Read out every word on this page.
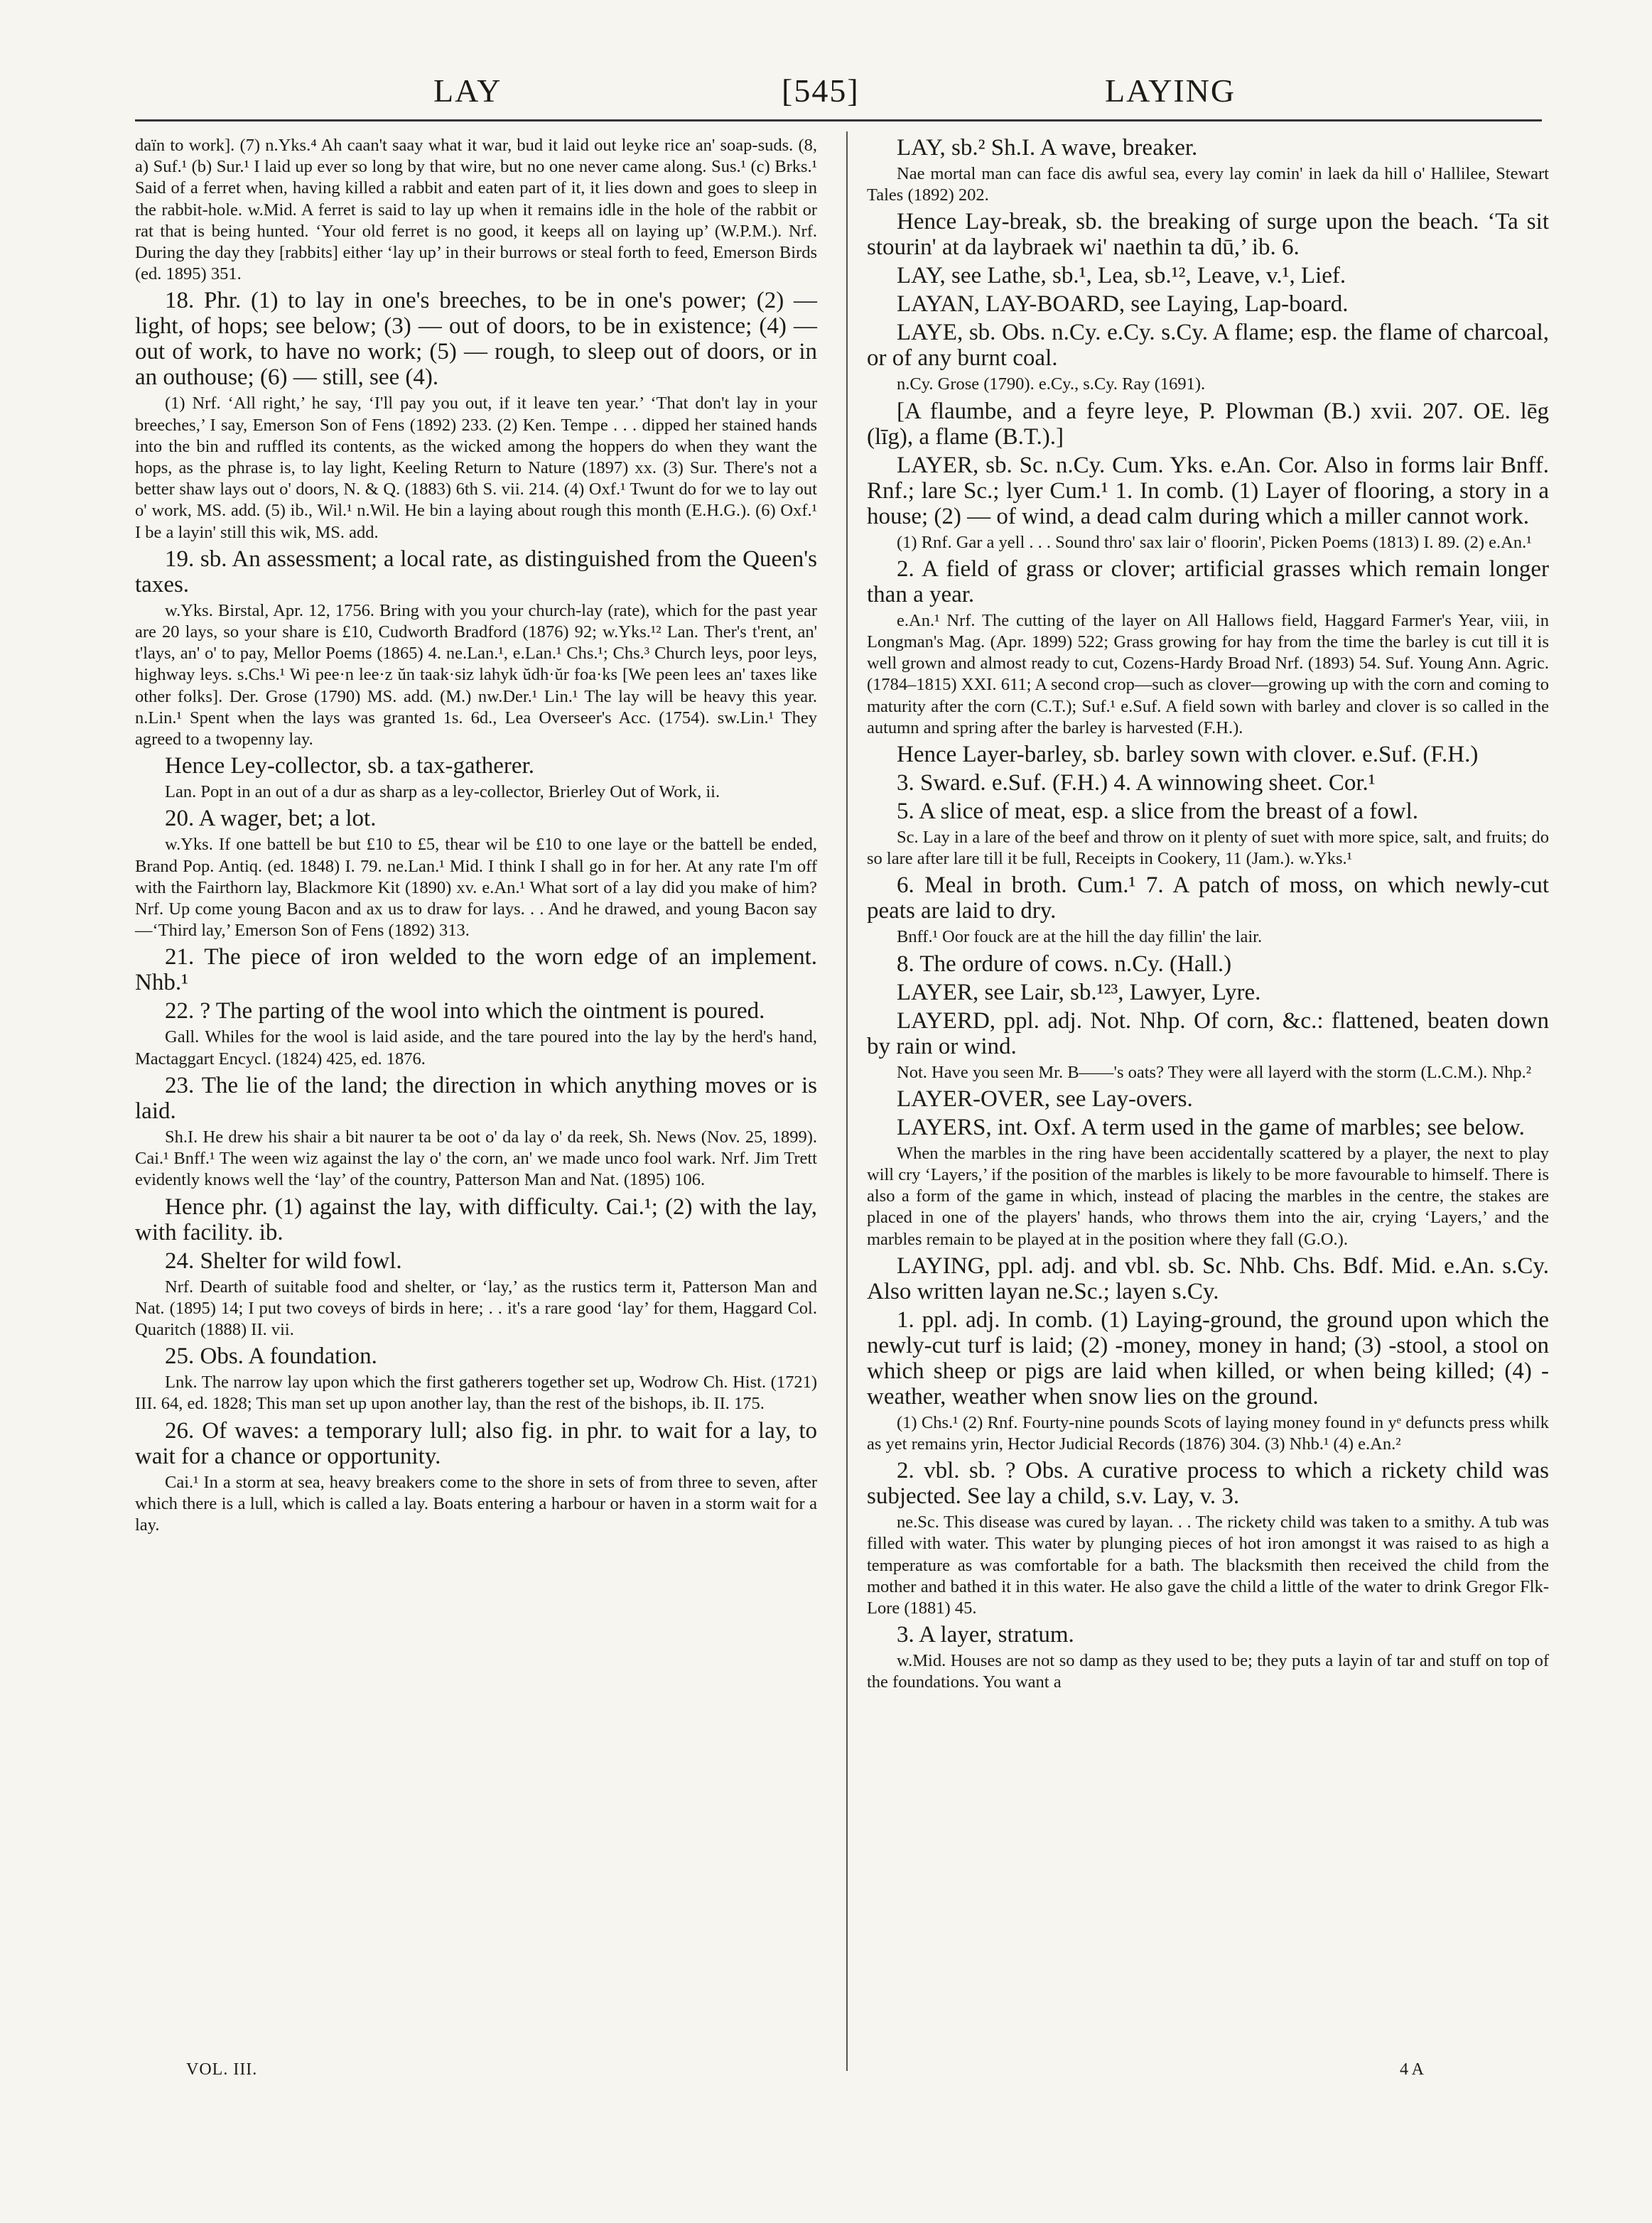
LAY	[545]	LAYING

daïn to work]. (7) n.Yks.⁴ Ah caan't saay what it war, bud it laid out leyke rice an' soap-suds. (8, a) Suf.¹ (b) Sur.¹ I laid up ever so long by that wire, but no one never came along. Sus.¹ (c) Brks.¹ Said of a ferret when, having killed a rabbit and eaten part of it, it lies down and goes to sleep in the rabbit-hole. w.Mid. A ferret is said to lay up when it remains idle in the hole of the rabbit or rat that is being hunted. ‘Your old ferret is no good, it keeps all on laying up’ (W.P.M.). Nrf. During the day they [rabbits] either ‘lay up’ in their burrows or steal forth to feed, Emerson Birds (ed. 1895) 351.

18. Phr. (1) to lay in one's breeches, to be in one's power; (2) — light, of hops; see below; (3) — out of doors, to be in existence; (4) — out of work, to have no work; (5) — rough, to sleep out of doors, or in an outhouse; (6) — still, see (4).

(1) Nrf. ‘All right,’ he say, ‘I'll pay you out, if it leave ten year.’ ‘That don't lay in your breeches,’ I say, Emerson Son of Fens (1892) 233. (2) Ken. Tempe . . . dipped her stained hands into the bin and ruffled its contents, as the wicked among the hoppers do when they want the hops, as the phrase is, to lay light, Keeling Return to Nature (1897) xx. (3) Sur. There's not a better shaw lays out o' doors, N. & Q. (1883) 6th S. vii. 214. (4) Oxf.¹ Twunt do for we to lay out o' work, MS. add. (5) ib., Wil.¹ n.Wil. He bin a laying about rough this month (E.H.G.). (6) Oxf.¹ I be a layin' still this wik, MS. add.

19. sb. An assessment; a local rate, as distinguished from the Queen's taxes.

w.Yks. Birstal, Apr. 12, 1756. Bring with you your church-lay (rate), which for the past year are 20 lays, so your share is £10, Cudworth Bradford (1876) 92; w.Yks.¹² Lan. Ther's t'rent, an' t'lays, an' o' to pay, Mellor Poems (1865) 4. ne.Lan.¹, e.Lan.¹ Chs.¹; Chs.³ Church leys, poor leys, highway leys. s.Chs.¹ Wi pee·n lee·z ŭn taak·siz lahyk ŭdh·ŭr foa·ks [We peen lees an' taxes like other folks]. Der. Grose (1790) MS. add. (M.) nw.Der.¹ Lin.¹ The lay will be heavy this year. n.Lin.¹ Spent when the lays was granted 1s. 6d., Lea Overseer's Acc. (1754). sw.Lin.¹ They agreed to a twopenny lay.

Hence Ley-collector, sb. a tax-gatherer.

Lan. Popt in an out of a dur as sharp as a ley-collector, Brierley Out of Work, ii.

20. A wager, bet; a lot.

w.Yks. If one battell be but £10 to £5, thear wil be £10 to one laye or the battell be ended, Brand Pop. Antiq. (ed. 1848) I. 79. ne.Lan.¹ Mid. I think I shall go in for her. At any rate I'm off with the Fairthorn lay, Blackmore Kit (1890) xv. e.An.¹ What sort of a lay did you make of him? Nrf. Up come young Bacon and ax us to draw for lays. . . And he drawed, and young Bacon say—‘Third lay,’ Emerson Son of Fens (1892) 313.

21. The piece of iron welded to the worn edge of an implement. Nhb.¹

22. ? The parting of the wool into which the ointment is poured.

Gall. Whiles for the wool is laid aside, and the tare poured into the lay by the herd's hand, Mactaggart Encycl. (1824) 425, ed. 1876.

23. The lie of the land; the direction in which anything moves or is laid.

Sh.I. He drew his shair a bit naurer ta be oot o' da lay o' da reek, Sh. News (Nov. 25, 1899). Cai.¹ Bnff.¹ The ween wiz against the lay o' the corn, an' we made unco fool wark. Nrf. Jim Trett evidently knows well the ‘lay’ of the country, Patterson Man and Nat. (1895) 106.

Hence phr. (1) against the lay, with difficulty. Cai.¹; (2) with the lay, with facility. ib.

24. Shelter for wild fowl.

Nrf. Dearth of suitable food and shelter, or ‘lay,’ as the rustics term it, Patterson Man and Nat. (1895) 14; I put two coveys of birds in here; . . it's a rare good ‘lay’ for them, Haggard Col. Quaritch (1888) II. vii.

25. Obs. A foundation.

Lnk. The narrow lay upon which the first gatherers together set up, Wodrow Ch. Hist. (1721) III. 64, ed. 1828; This man set up upon another lay, than the rest of the bishops, ib. II. 175.

26. Of waves: a temporary lull; also fig. in phr. to wait for a lay, to wait for a chance or opportunity.

Cai.¹ In a storm at sea, heavy breakers come to the shore in sets of from three to seven, after which there is a lull, which is called a lay. Boats entering a harbour or haven in a storm wait for a lay.

LAY, sb.² Sh.I. A wave, breaker.

Nae mortal man can face dis awful sea, every lay comin' in laek da hill o' Hallilee, Stewart Tales (1892) 202.

Hence Lay-break, sb. the breaking of surge upon the beach. ‘Ta sit stourin' at da laybraek wi' naethin ta dū,’ ib. 6.

LAY, see Lathe, sb.¹, Lea, sb.¹², Leave, v.¹, Lief.

LAYAN, LAY-BOARD, see Laying, Lap-board.

LAYE, sb. Obs. n.Cy. e.Cy. s.Cy. A flame; esp. the flame of charcoal, or of any burnt coal.

n.Cy. Grose (1790). e.Cy., s.Cy. Ray (1691).

[A flaumbe, and a feyre leye, P. Plowman (B.) xvii. 207. OE. lēg (līg), a flame (B.T.).]

LAYER, sb. Sc. n.Cy. Cum. Yks. e.An. Cor. Also in forms lair Bnff. Rnf.; lare Sc.; lyer Cum.¹ 1. In comb. (1) Layer of flooring, a story in a house; (2) — of wind, a dead calm during which a miller cannot work.

(1) Rnf. Gar a yell . . . Sound thro' sax lair o' floorin', Picken Poems (1813) I. 89. (2) e.An.¹

2. A field of grass or clover; artificial grasses which remain longer than a year.

e.An.¹ Nrf. The cutting of the layer on All Hallows field, Haggard Farmer's Year, viii, in Longman's Mag. (Apr. 1899) 522; Grass growing for hay from the time the barley is cut till it is well grown and almost ready to cut, Cozens-Hardy Broad Nrf. (1893) 54. Suf. Young Ann. Agric. (1784–1815) XXI. 611; A second crop—such as clover—growing up with the corn and coming to maturity after the corn (C.T.); Suf.¹ e.Suf. A field sown with barley and clover is so called in the autumn and spring after the barley is harvested (F.H.).

Hence Layer-barley, sb. barley sown with clover. e.Suf. (F.H.)

3. Sward. e.Suf. (F.H.) 4. A winnowing sheet. Cor.¹

5. A slice of meat, esp. a slice from the breast of a fowl.

Sc. Lay in a lare of the beef and throw on it plenty of suet with more spice, salt, and fruits; do so lare after lare till it be full, Receipts in Cookery, 11 (Jam.). w.Yks.¹

6. Meal in broth. Cum.¹ 7. A patch of moss, on which newly-cut peats are laid to dry.

Bnff.¹ Oor fouck are at the hill the day fillin' the lair.

8. The ordure of cows. n.Cy. (Hall.)

LAYER, see Lair, sb.¹²³, Lawyer, Lyre.

LAYERD, ppl. adj. Not. Nhp. Of corn, &c.: flattened, beaten down by rain or wind.

Not. Have you seen Mr. B——'s oats? They were all layerd with the storm (L.C.M.). Nhp.²

LAYER-OVER, see Lay-overs.

LAYERS, int. Oxf. A term used in the game of marbles; see below.

When the marbles in the ring have been accidentally scattered by a player, the next to play will cry ‘Layers,’ if the position of the marbles is likely to be more favourable to himself. There is also a form of the game in which, instead of placing the marbles in the centre, the stakes are placed in one of the players' hands, who throws them into the air, crying ‘Layers,’ and the marbles remain to be played at in the position where they fall (G.O.).

LAYING, ppl. adj. and vbl. sb. Sc. Nhb. Chs. Bdf. Mid. e.An. s.Cy. Also written layan ne.Sc.; layen s.Cy.

1. ppl. adj. In comb. (1) Laying-ground, the ground upon which the newly-cut turf is laid; (2) -money, money in hand; (3) -stool, a stool on which sheep or pigs are laid when killed, or when being killed; (4) -weather, weather when snow lies on the ground.

(1) Chs.¹ (2) Rnf. Fourty-nine pounds Scots of laying money found in yᵉ defuncts press whilk as yet remains yrin, Hector Judicial Records (1876) 304. (3) Nhb.¹ (4) e.An.²

2. vbl. sb. ? Obs. A curative process to which a rickety child was subjected. See lay a child, s.v. Lay, v. 3.

ne.Sc. This disease was cured by layan. . . The rickety child was taken to a smithy. A tub was filled with water. This water by plunging pieces of hot iron amongst it was raised to as high a temperature as was comfortable for a bath. The blacksmith then received the child from the mother and bathed it in this water. He also gave the child a little of the water to drink Gregor Flk-Lore (1881) 45.

3. A layer, stratum.

w.Mid. Houses are not so damp as they used to be; they puts a layin of tar and stuff on top of the foundations. You want a

VOL. III.	4 A
